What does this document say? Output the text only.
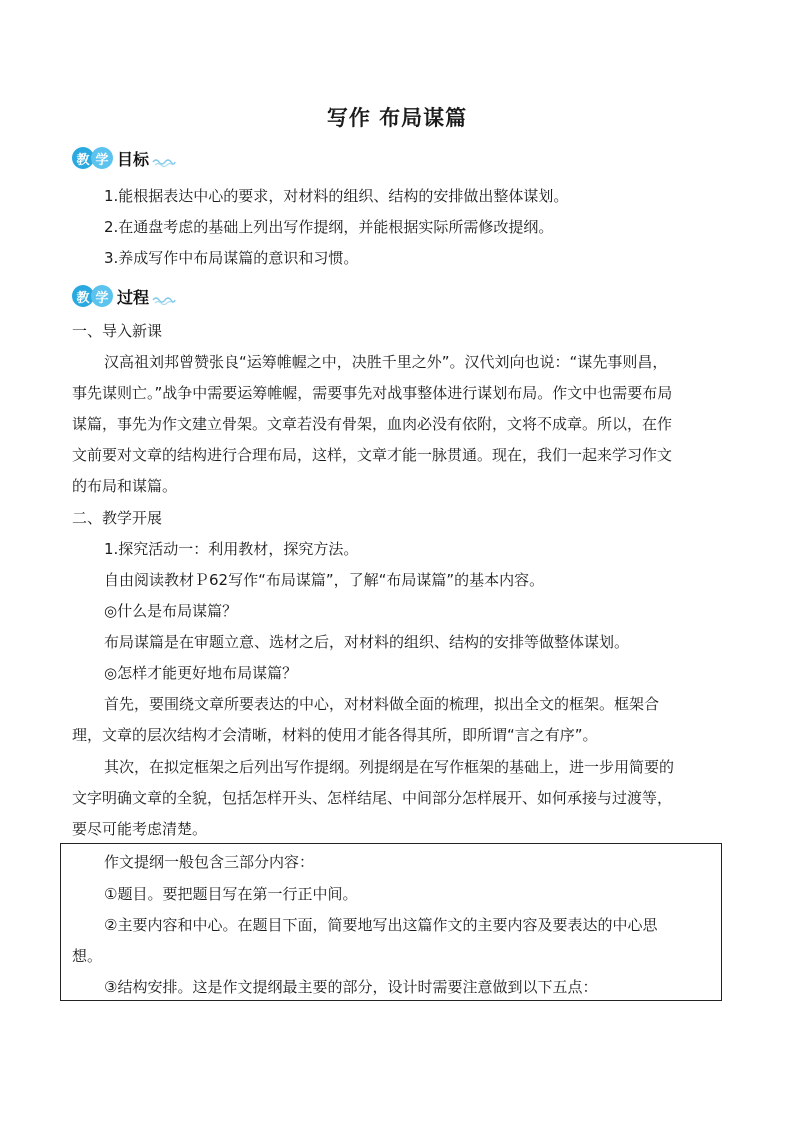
写作 布局谋篇
教 学 目标
1.能根据表达中心的要求，对材料的组织、结构的安排做出整体谋划。
2.在通盘考虑的基础上列出写作提纲，并能根据实际所需修改提纲。
3.养成写作中布局谋篇的意识和习惯。
教 学 过程
一、导入新课
汉高祖刘邦曾赞张良“运筹帷幄之中，决胜千里之外”。汉代刘向也说：“谋先事则昌，
事先谋则亡。”战争中需要运筹帷幄，需要事先对战事整体进行谋划布局。作文中也需要布局
谋篇，事先为作文建立骨架。文章若没有骨架，血肉必没有依附，文将不成章。所以，在作
文前要对文章的结构进行合理布局，这样，文章才能一脉贯通。现在，我们一起来学习作文
的布局和谋篇。
二、教学开展
1.探究活动一：利用教材，探究方法。
自由阅读教材Ｐ62写作“布局谋篇”，了解“布局谋篇”的基本内容。
◎什么是布局谋篇？
布局谋篇是在审题立意、选材之后，对材料的组织、结构的安排等做整体谋划。
◎怎样才能更好地布局谋篇？
首先，要围绕文章所要表达的中心，对材料做全面的梳理，拟出全文的框架。框架合
理，文章的层次结构才会清晰，材料的使用才能各得其所，即所谓“言之有序”。
其次，在拟定框架之后列出写作提纲。列提纲是在写作框架的基础上，进一步用简要的
文字明确文章的全貌，包括怎样开头、怎样结尾、中间部分怎样展开、如何承接与过渡等，
要尽可能考虑清楚。
作文提纲一般包含三部分内容：
①题目。要把题目写在第一行正中间。
②主要内容和中心。在题目下面，简要地写出这篇作文的主要内容及要表达的中心思
想。
③结构安排。这是作文提纲最主要的部分，设计时需要注意做到以下五点：
